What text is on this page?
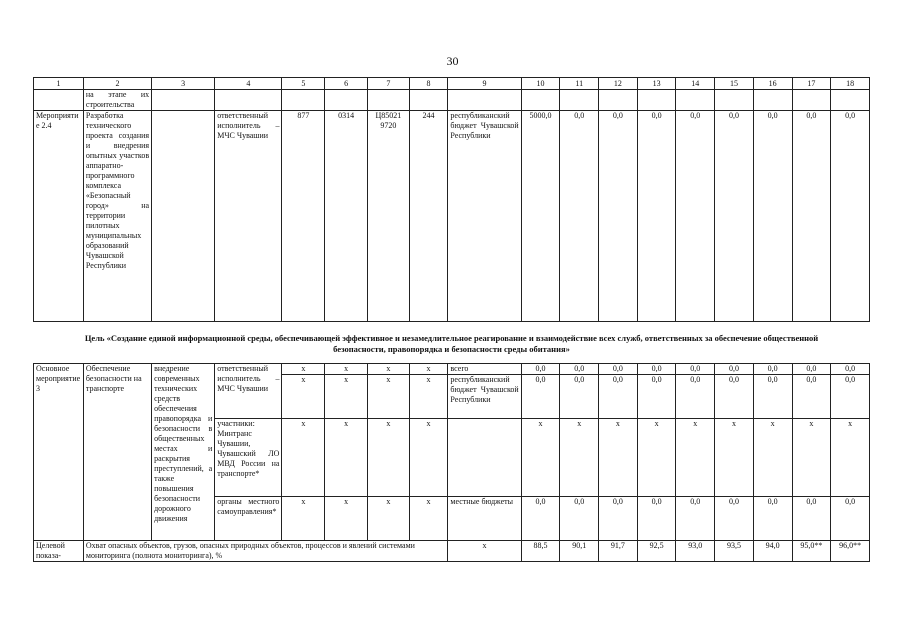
30
1	2	3	4	5	6	7	8	9	10	11	12	13	14	15	16	17	18
	на этапе их строительства																
Мероприятие 2.4	Разработка технического проекта создания и внедрения опытных участков аппаратно-программного комплекса «Безопасный город» на территории пилотных муниципальных образований Чувашской Республики		ответственный исполнитель – МЧС Чувашии	877	0314	Ц85021 9720	244	республиканский бюджет Чувашской Республики	5000,0	0,0	0,0	0,0	0,0	0,0	0,0	0,0	0,0
Цель «Создание единой информационной среды, обеспечивающей эффективное и незамедлительное реагирование и взаимодействие всех служб, ответственных за обеспечение общественной безопасности, правопорядка и безопасности среды обитания»																	
Основное мероприятие 3	Обеспечение безопасности на транспорте	внедрение современных технических средств обеспечения правопорядка и безопасности в общественных местах и раскрытия преступлений, а также повышения безопасности дорожного движения	ответственный исполнитель – МЧС Чувашии	x	x	x	x	всего	0,0	0,0	0,0	0,0	0,0	0,0	0,0	0,0	0,0
				x	x	x	x	республиканский бюджет Чувашской Республики	0,0	0,0	0,0	0,0	0,0	0,0	0,0	0,0	0,0
			участники: Минтранс Чувашии, Чувашский ЛО МВД России на транспорте*	x	x	x	x		x	x	x	x	x	x	x	x	x
			органы местного самоуправления*	x	x	x	x	местные бюджеты	0,0	0,0	0,0	0,0	0,0	0,0	0,0	0,0	0,0
Целевой показа-	Охват опасных объектов, грузов, опасных природных объектов, процессов и явлений системами мониторинга (полнота мониторинга), %							x	88,5	90,1	91,7	92,5	93,0	93,5	94,0	95,0**	96,0**
